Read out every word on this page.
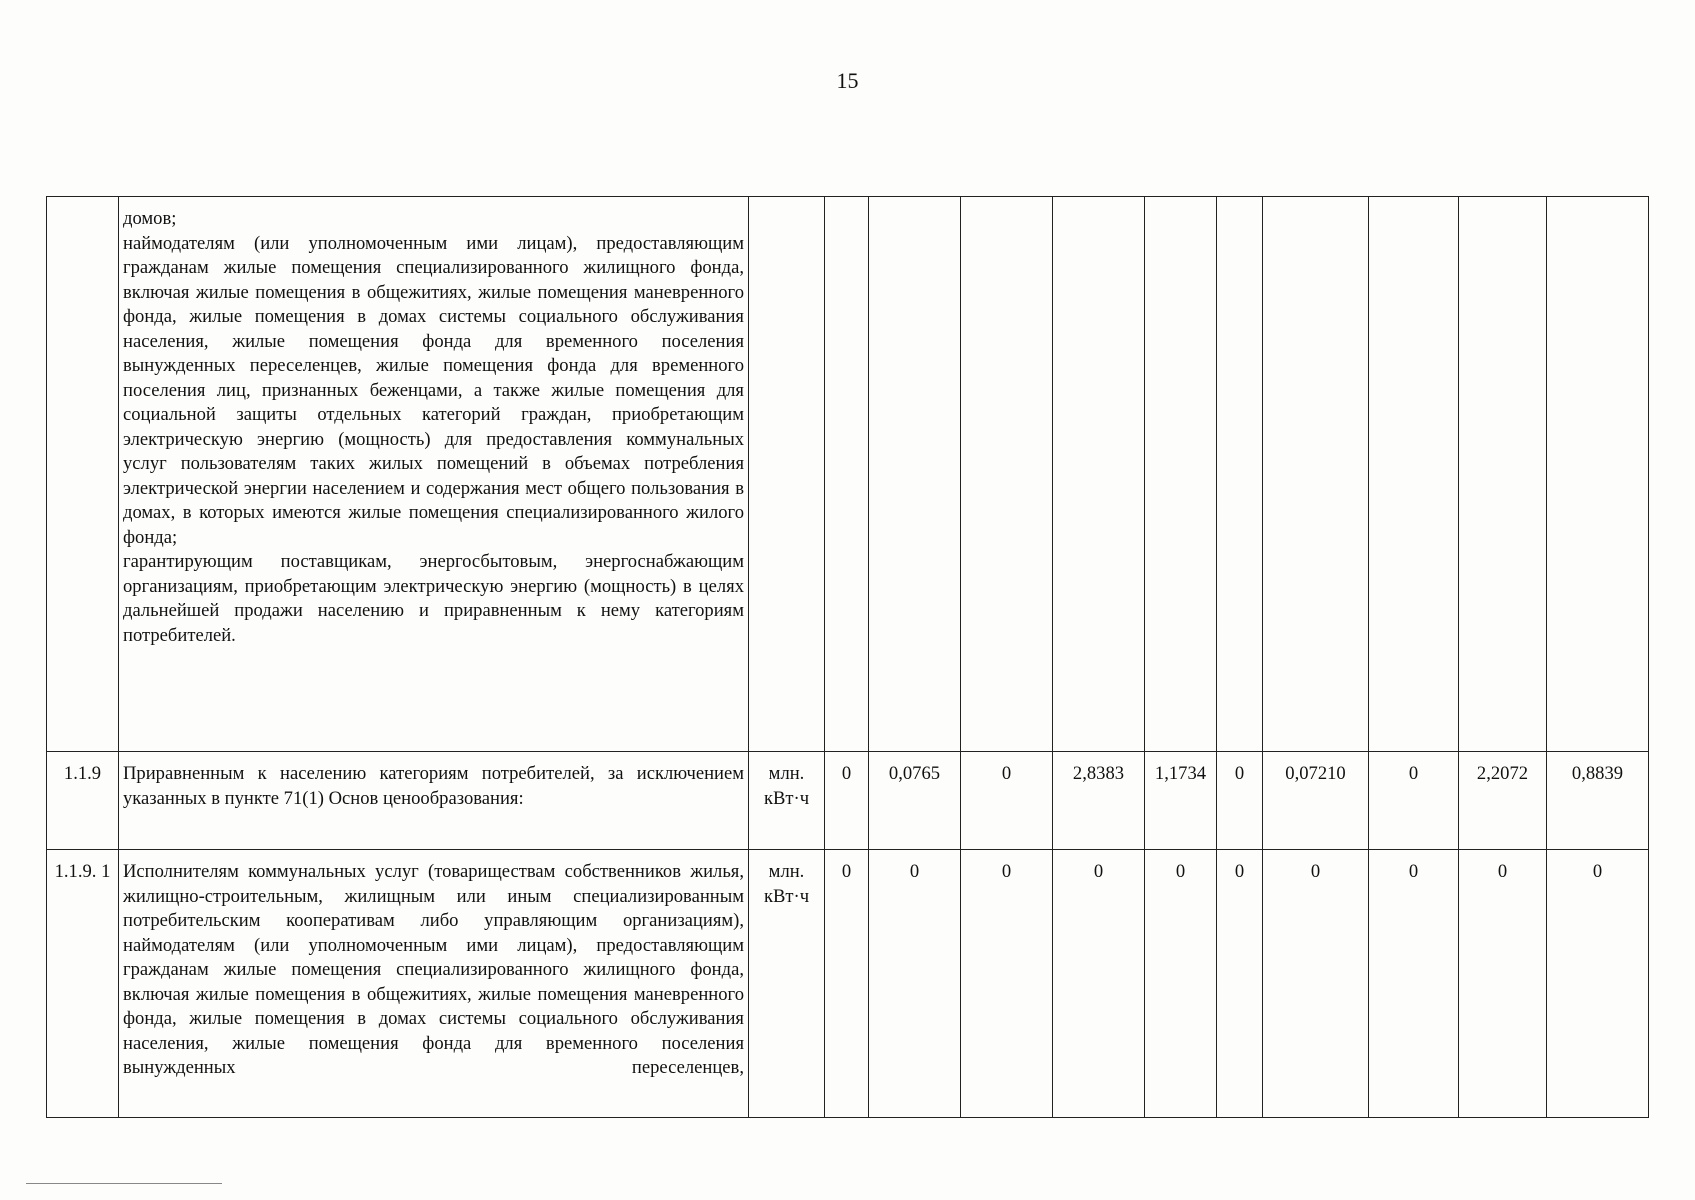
15

	домов;

наймодателям (или уполномоченным ими лицам), предоставляющим гражданам жилые помещения специализированного жилищного фонда, включая жилые помещения в общежитиях, жилые помещения маневренного фонда, жилые помещения в домах системы социального обслуживания населения, жилые помещения фонда для временного поселения вынужденных переселенцев, жилые помещения фонда для временного поселения лиц, признанных беженцами, а также жилые помещения для социальной защиты отдельных категорий граждан, приобретающим электрическую энергию (мощность) для предоставления коммунальных услуг пользователям таких жилых помещений в объемах потребления электрической энергии населением и содержания мест общего пользования в домах, в которых имеются жилые помещения специализированного жилого фонда;

гарантирующим поставщикам, энергосбытовым, энергоснабжающим организациям, приобретающим электрическую энергию (мощность) в целях дальнейшей продажи населению и приравненным к нему категориям потребителей.											

1.1.9	Приравненным к населению категориям потребителей, за исключением указанных в пункте 71(1) Основ ценообразования:	млн. кВт·ч	0	0,0765	0	2,8383	1,1734	0	0,07210	0	2,2072	0,8839
1.1.9. 1	Исполнителям коммунальных услуг (товариществам собственников жилья, жилищно-строительным, жилищным или иным специализированным потребительским кооперативам либо управляющим организациям), наймодателям (или уполномоченным ими лицам), предоставляющим гражданам жилые помещения специализированного жилищного фонда, включая жилые помещения в общежитиях, жилые помещения маневренного фонда, жилые помещения в домах системы социального обслуживания населения, жилые помещения фонда для временного поселения вынужденных переселенцев,	млн. кВт·ч	0	0	0	0	0	0	0	0	0	0
